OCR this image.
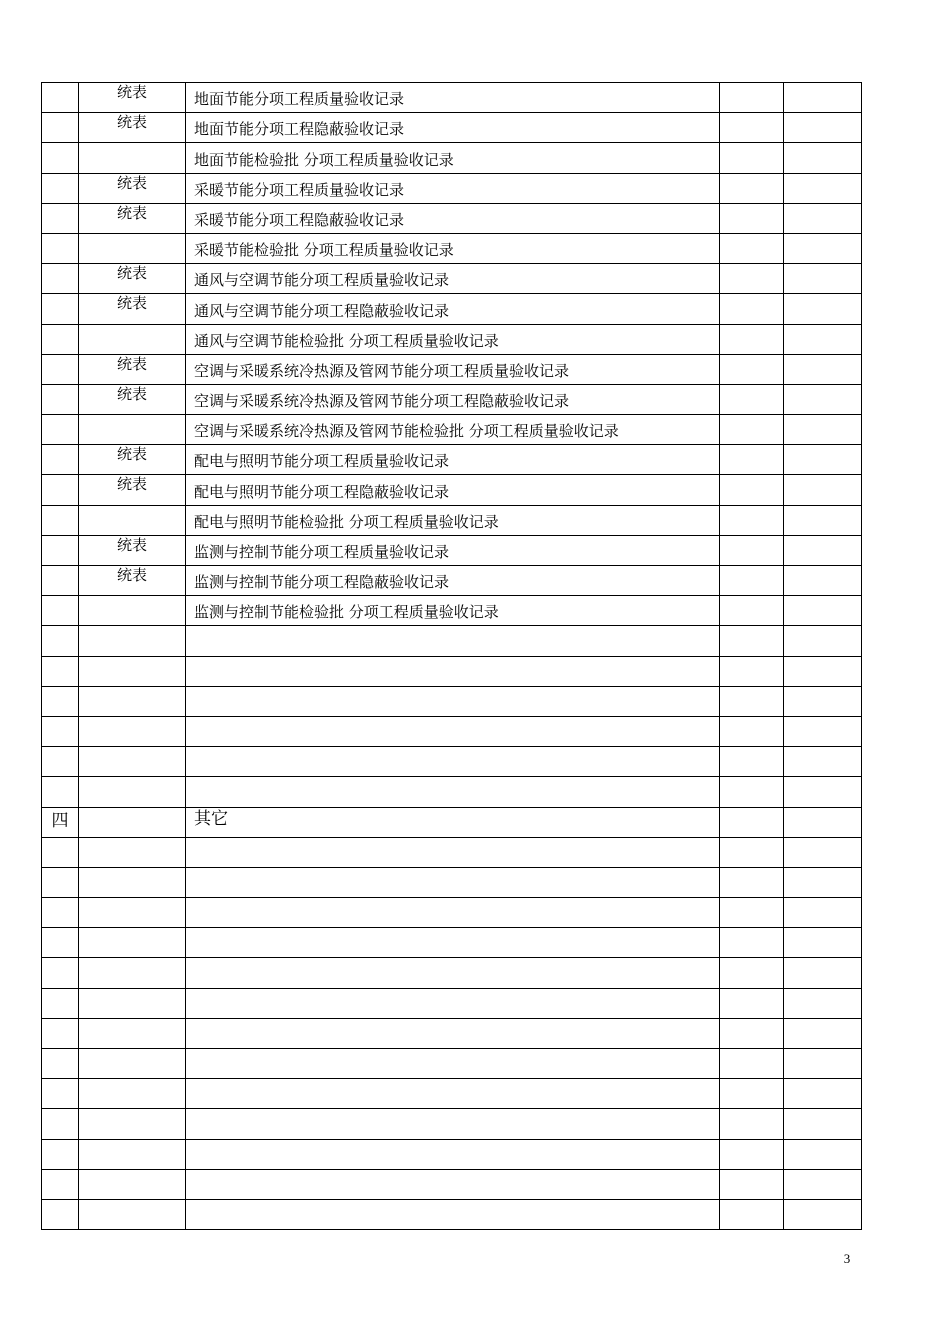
	统表	地面节能分项工程质量验收记录		
	统表	地面节能分项工程隐蔽验收记录		
		地面节能检验批 分项工程质量验收记录		
	统表	采暖节能分项工程质量验收记录		
	统表	采暖节能分项工程隐蔽验收记录		
		采暖节能检验批 分项工程质量验收记录		
	统表	通风与空调节能分项工程质量验收记录		
	统表	通风与空调节能分项工程隐蔽验收记录		
		通风与空调节能检验批 分项工程质量验收记录		
	统表	空调与采暖系统冷热源及管网节能分项工程质量验收记录		
	统表	空调与采暖系统冷热源及管网节能分项工程隐蔽验收记录		
		空调与采暖系统冷热源及管网节能检验批 分项工程质量验收记录		
	统表	配电与照明节能分项工程质量验收记录		
	统表	配电与照明节能分项工程隐蔽验收记录		
		配电与照明节能检验批 分项工程质量验收记录		
	统表	监测与控制节能分项工程质量验收记录		
	统表	监测与控制节能分项工程隐蔽验收记录		
		监测与控制节能检验批 分项工程质量验收记录		

四		其它		

3
